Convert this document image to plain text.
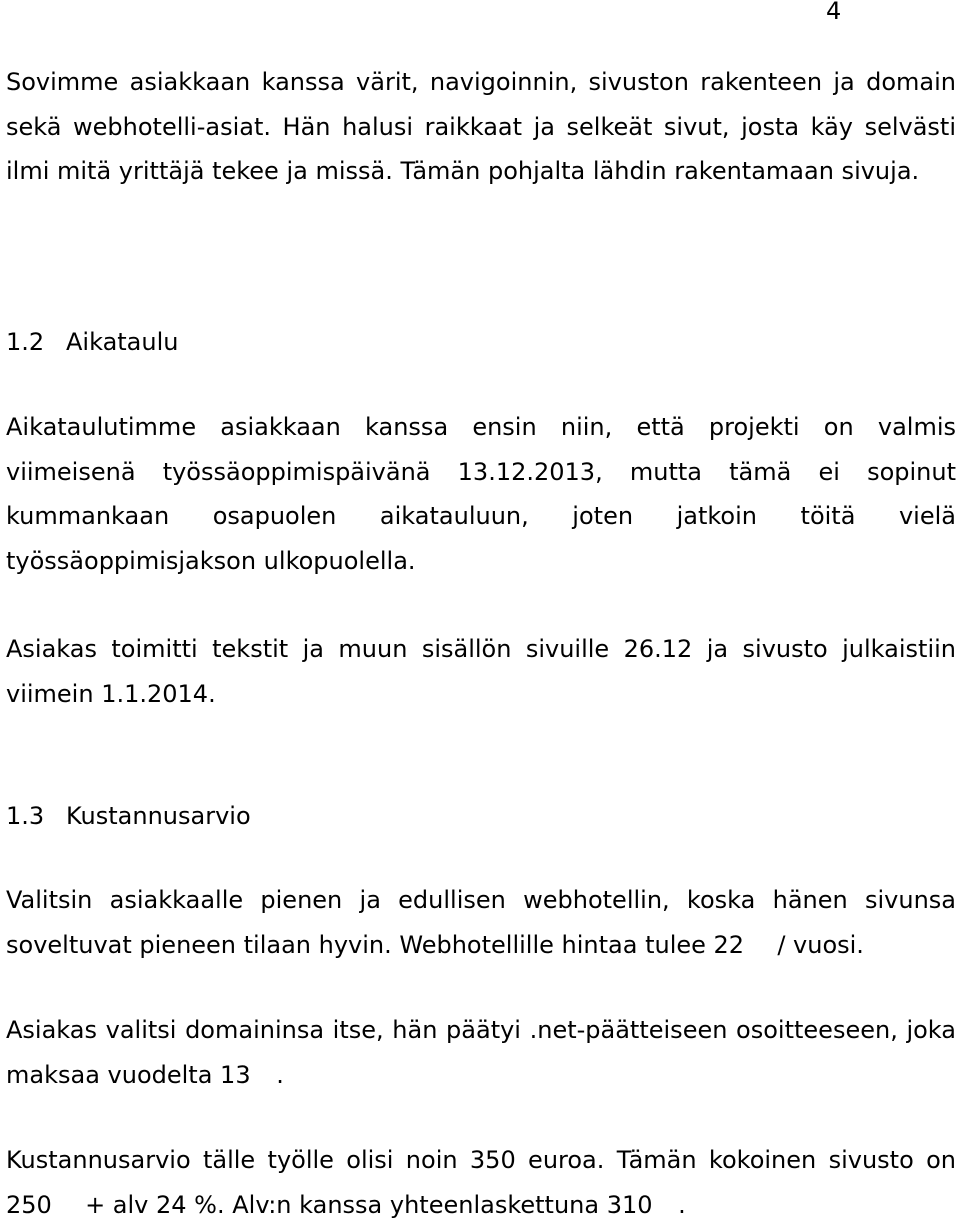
4

Sovimme asiakkaan kanssa värit, navigoinnin, sivuston rakenteen ja domain sekä webhotelli-asiat. Hän halusi raikkaat ja selkeät sivut, josta käy selvästi ilmi mitä yrittäjä tekee ja missä. Tämän pohjalta lähdin rakentamaan sivuja.

1.2 Aikataulu

Aikataulutimme asiakkaan kanssa ensin niin, että projekti on valmis viimeisenä työssäoppimispäivänä 13.12.2013, mutta tämä ei sopinut kummankaan osapuolen aikatauluun, joten jatkoin töitä vielä työssäoppimisjakson ulkopuolella.

Asiakas toimitti tekstit ja muun sisällön sivuille 26.12 ja sivusto julkaistiin viimein 1.1.2014.

1.3 Kustannusarvio

Valitsin asiakkaalle pienen ja edullisen webhotellin, koska hänen sivunsa soveltuvat pieneen tilaan hyvin. Webhotellille hintaa tulee 22  / vuosi.

Asiakas valitsi domaininsa itse, hän päätyi .net-päätteiseen osoitteeseen, joka maksaa vuodelta 13 .

Kustannusarvio tälle työlle olisi noin 350 euroa. Tämän kokoinen sivusto on 250  + alv 24 %. Alv:n kanssa yhteenlaskettuna 310 .
